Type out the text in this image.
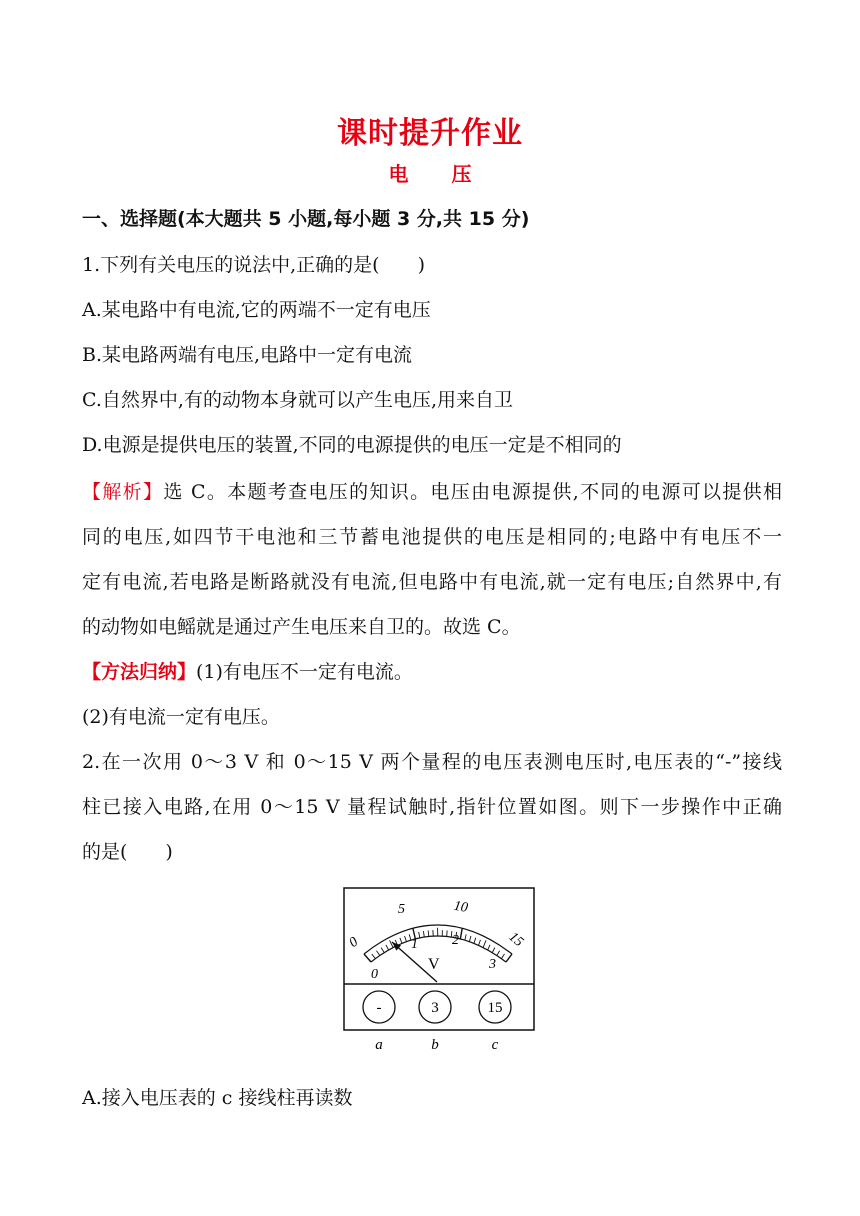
课时提升作业
电 压
一、选择题(本大题共 5 小题,每小题 3 分,共 15 分)
1.下列有关电压的说法中,正确的是(　　)
A.某电路中有电流,它的两端不一定有电压
B.某电路两端有电压,电路中一定有电流
C.自然界中,有的动物本身就可以产生电压,用来自卫
D.电源是提供电压的装置,不同的电源提供的电压一定是不相同的
【解析】选 C。本题考查电压的知识。电压由电源提供,不同的电源可以提供相
同的电压,如四节干电池和三节蓄电池提供的电压是相同的;电路中有电压不一
定有电流,若电路是断路就没有电流,但电路中有电流,就一定有电压;自然界中,有
的动物如电鳐就是通过产生电压来自卫的。故选 C。
【方法归纳】(1)有电压不一定有电流。
(2)有电流一定有电压。
2.在一次用 0～3 V 和 0～15 V 两个量程的电压表测电压时,电压表的“-”接线
柱已接入电路,在用 0～15 V 量程试触时,指针位置如图。则下一步操作中正确
的是(　　)
0
5	10
15
0
1 2
3
V
-	3	15
a	b	c
A.接入电压表的 c 接线柱再读数
